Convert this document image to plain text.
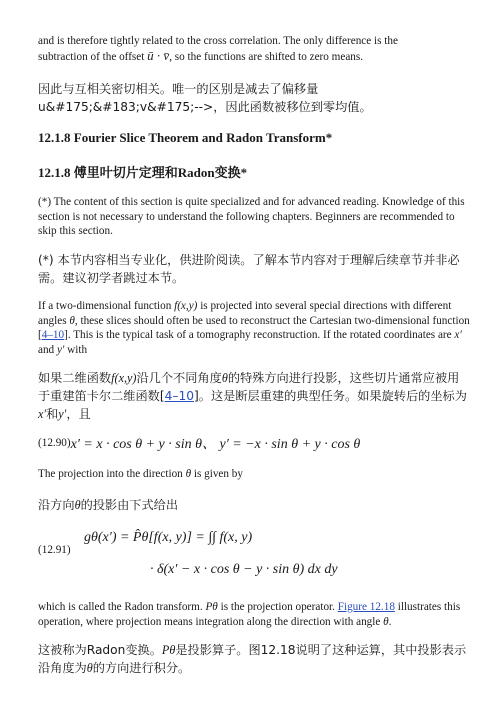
and is therefore tightly related to the cross correlation. The only difference is the
subtraction of the offset ū · v̄, so the functions are shifted to zero means.

因此与互相关密切相关。唯一的区别是减去了偏移量u&#175;&#183;v&#175;-->，因此函数被移位到零均值。

12.1.8 Fourier Slice Theorem and Radon Transform*

12.1.8 傅里叶切片定理和Radon变换*

(*) The content of this section is quite specialized and for advanced reading. Knowledge of this section is not necessary to understand the following chapters. Beginners are recommended to skip this section.

(*) 本节内容相当专业化，供进阶阅读。了解本节内容对于理解后续章节并非必需。建议初学者跳过本节。

If a two-dimensional function f(x,y) is projected into several special directions with different angles θ, these slices should often be used to reconstruct the Cartesian two-dimensional function [4–10]. This is the typical task of a tomography reconstruction. If the rotated coordinates are x′ and y′ with

如果二维函数f(x,y)沿几个不同角度θ的特殊方向进行投影，这些切片通常应被用于重建笛卡尔二维函数[4–10]。这是断层重建的典型任务。如果旋转后的坐标为x′和y′，且

(12.90) x′ = x · cos θ + y · sin θ、 y′ = −x · sin θ + y · cos θ

The projection into the direction θ is given by

沿方向θ的投影由下式给出

(12.91)
gθ(x′) = P̂θ[f(x, y)] = ∫∫ f(x, y)
· δ(x′ − x · cos θ − y · sin θ) dx dy

which is called the Radon transform. Pθ is the projection operator. Figure 12.18 illustrates this operation, where projection means integration along the direction with angle θ.

这被称为Radon变换。Pθ是投影算子。图12.18说明了这种运算，其中投影表示沿角度为θ的方向进行积分。
